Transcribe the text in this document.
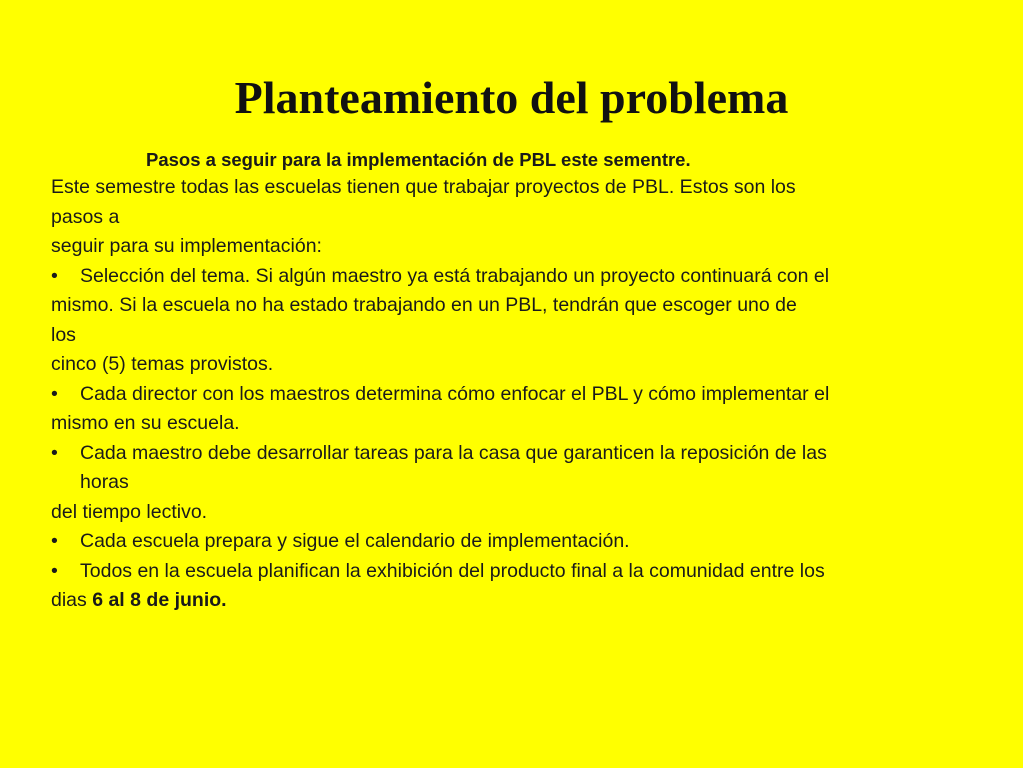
Planteamiento del problema
Pasos a seguir para la implementación de PBL este sementre.
Este semestre todas las escuelas tienen que trabajar proyectos de PBL. Estos son los
pasos a
seguir para su implementación:
• Selección del tema. Si algún maestro ya está trabajando un proyecto continuará con el
mismo. Si la escuela no ha estado trabajando en un PBL, tendrán que escoger uno de
los
cinco (5) temas provistos.
• Cada director con los maestros determina cómo enfocar el PBL y cómo implementar el
mismo en su escuela.
• Cada maestro debe desarrollar tareas para la casa que garanticen la reposición de las
horas
del tiempo lectivo.
• Cada escuela prepara y sigue el calendario de implementación.
• Todos en la escuela planifican la exhibición del producto final a la comunidad entre los
dias 6 al 8 de junio.
